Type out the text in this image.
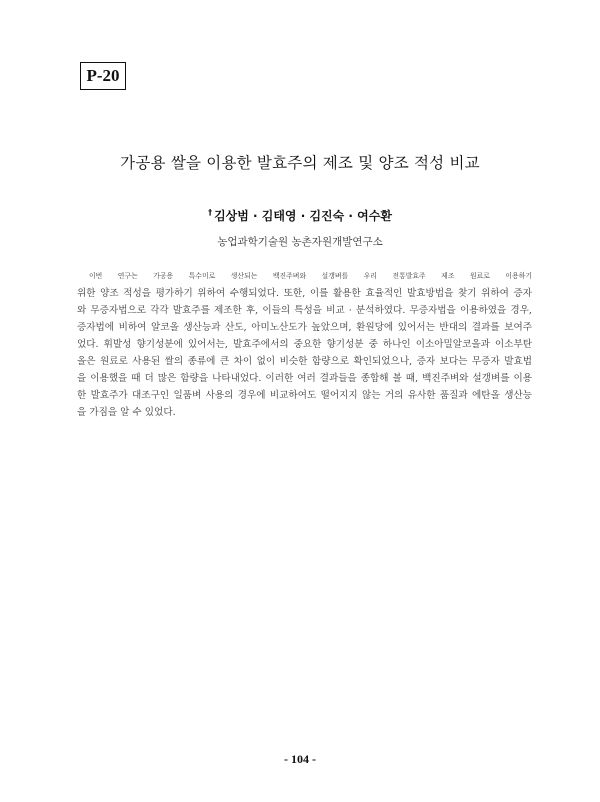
P-20
가공용 쌀을 이용한 발효주의 제조 및 양조 적성 비교
† 김상범 · 김태영 · 김진숙 · 여수환
농업과학기술원 농촌자원개발연구소
이번 연구는 가공용 특수미로 생산되는 백진주벼와 설갱벼를 우리 전통발효주 제조 원료로 이용하기
위한 양조 적성을 평가하기 위하여 수행되었다. 또한, 이를 활용한 효율적인 발효방법을 찾기 위하여 증자
와 무증자법으로 각각 발효주를 제조한 후, 이들의 특성을 비교 · 분석하였다. 무증자법을 이용하였을 경우,
증자법에 비하여 알코올 생산능과 산도, 아미노산도가 높았으며, 환원당에 있어서는 반대의 결과를 보여주
었다. 휘발성 향기성분에 있어서는, 발효주에서의 중요한 향기성분 중 하나인 이소아밀알코올과 이소부탄
올은 원료로 사용된 쌀의 종류에 큰 차이 없이 비슷한 함량으로 확인되었으나, 증자 보다는 무증자 발효법
을 이용했을 때 더 많은 함량을 나타내었다. 이러한 여러 결과들을 종합해 볼 때, 백진주벼와 설갱벼를 이용
한 발효주가 대조구인 일품벼 사용의 경우에 비교하여도 떨어지지 않는 거의 유사한 품질과 에탄올 생산능
을 가짐을 알 수 있었다.
- 104 -
